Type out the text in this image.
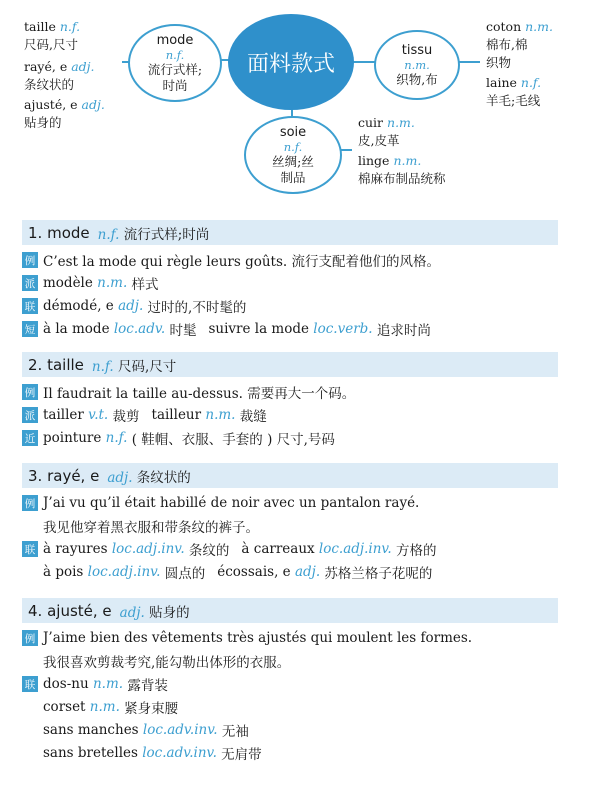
taille n.f.
尺码,尺寸
rayé, e adj.
条纹状的
ajusté, e adj.
贴身的
mode
n.f.
流行式样;
时尚
面料款式
tissu
n.m.
织物,布
coton n.m.
棉布,棉
织物
laine n.f.
羊毛;毛线
soie
n.f.
丝绸;丝
制品
cuir n.m.
皮,皮革
linge n.m.
棉麻布制品统称
1. mode n.f. 流行式样;时尚
例 C’est la mode qui règle leurs goûts. 流行支配着他们的风格。
派 modèle n.m. 样式
联 démodé, e adj. 过时的,不时髦的
短 à la mode loc.adv. 时髦 suivre la mode loc.verb. 追求时尚
2. taille n.f. 尺码,尺寸
例 Il faudrait la taille au-dessus. 需要再大一个码。
派 tailler v.t. 裁剪 tailleur n.m. 裁缝
近 pointure n.f. ( 鞋帽、衣服、手套的 ) 尺寸,号码
3. rayé, e adj. 条纹状的
例 J’ai vu qu’il était habillé de noir avec un pantalon rayé.
我见他穿着黑衣服和带条纹的裤子。
联 à rayures loc.adj.inv. 条纹的 à carreaux loc.adj.inv. 方格的
à pois loc.adj.inv. 圆点的 écossais, e adj. 苏格兰格子花呢的
4. ajusté, e adj. 贴身的
例 J’aime bien des vêtements très ajustés qui moulent les formes.
我很喜欢剪裁考究,能勾勒出体形的衣服。
联 dos-nu n.m. 露背装
corset n.m. 紧身束腰
sans manches loc.adv.inv. 无袖
sans bretelles loc.adv.inv. 无肩带
